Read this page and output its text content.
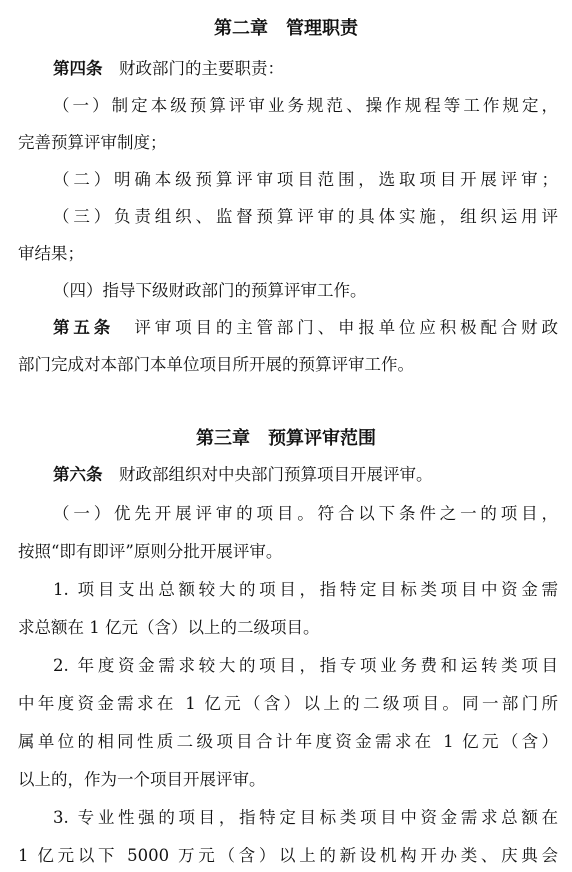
第二章　管理职责
第四条　财政部门的主要职责：
（一）制定本级预算评审业务规范、操作规程等工作规定，
完善预算评审制度；
（二）明确本级预算评审项目范围，选取项目开展评审；
（三）负责组织、监督预算评审的具体实施，组织运用评
审结果；
（四）指导下级财政部门的预算评审工作。
第五条　 评审项目的主管部门、申报单位应积极配合财政
部门完成对本部门本单位项目所开展的预算评审工作。
第三章　预算评审范围
第六条　财政部组织对中央部门预算项目开展评审。
（一）优先开展评审的项目。符合以下条件之一的项目，
按照“即有即评”原则分批开展评审。
1. 项目支出总额较大的项目，指特定目标类项目中资金需
求总额在 1 亿元（含）以上的二级项目。
2. 年度资金需求较大的项目，指专项业务费和运转类项目
中年度资金需求在 1 亿元（含）以上的二级项目。同一部门所
属单位的相同性质二级项目合计年度资金需求在 1 亿元（含）
以上的，作为一个项目开展评审。
3. 专业性强的项目，指特定目标类项目中资金需求总额在
1 亿元以下 5000 万元（含）以上的新设机构开办类、庆典会
